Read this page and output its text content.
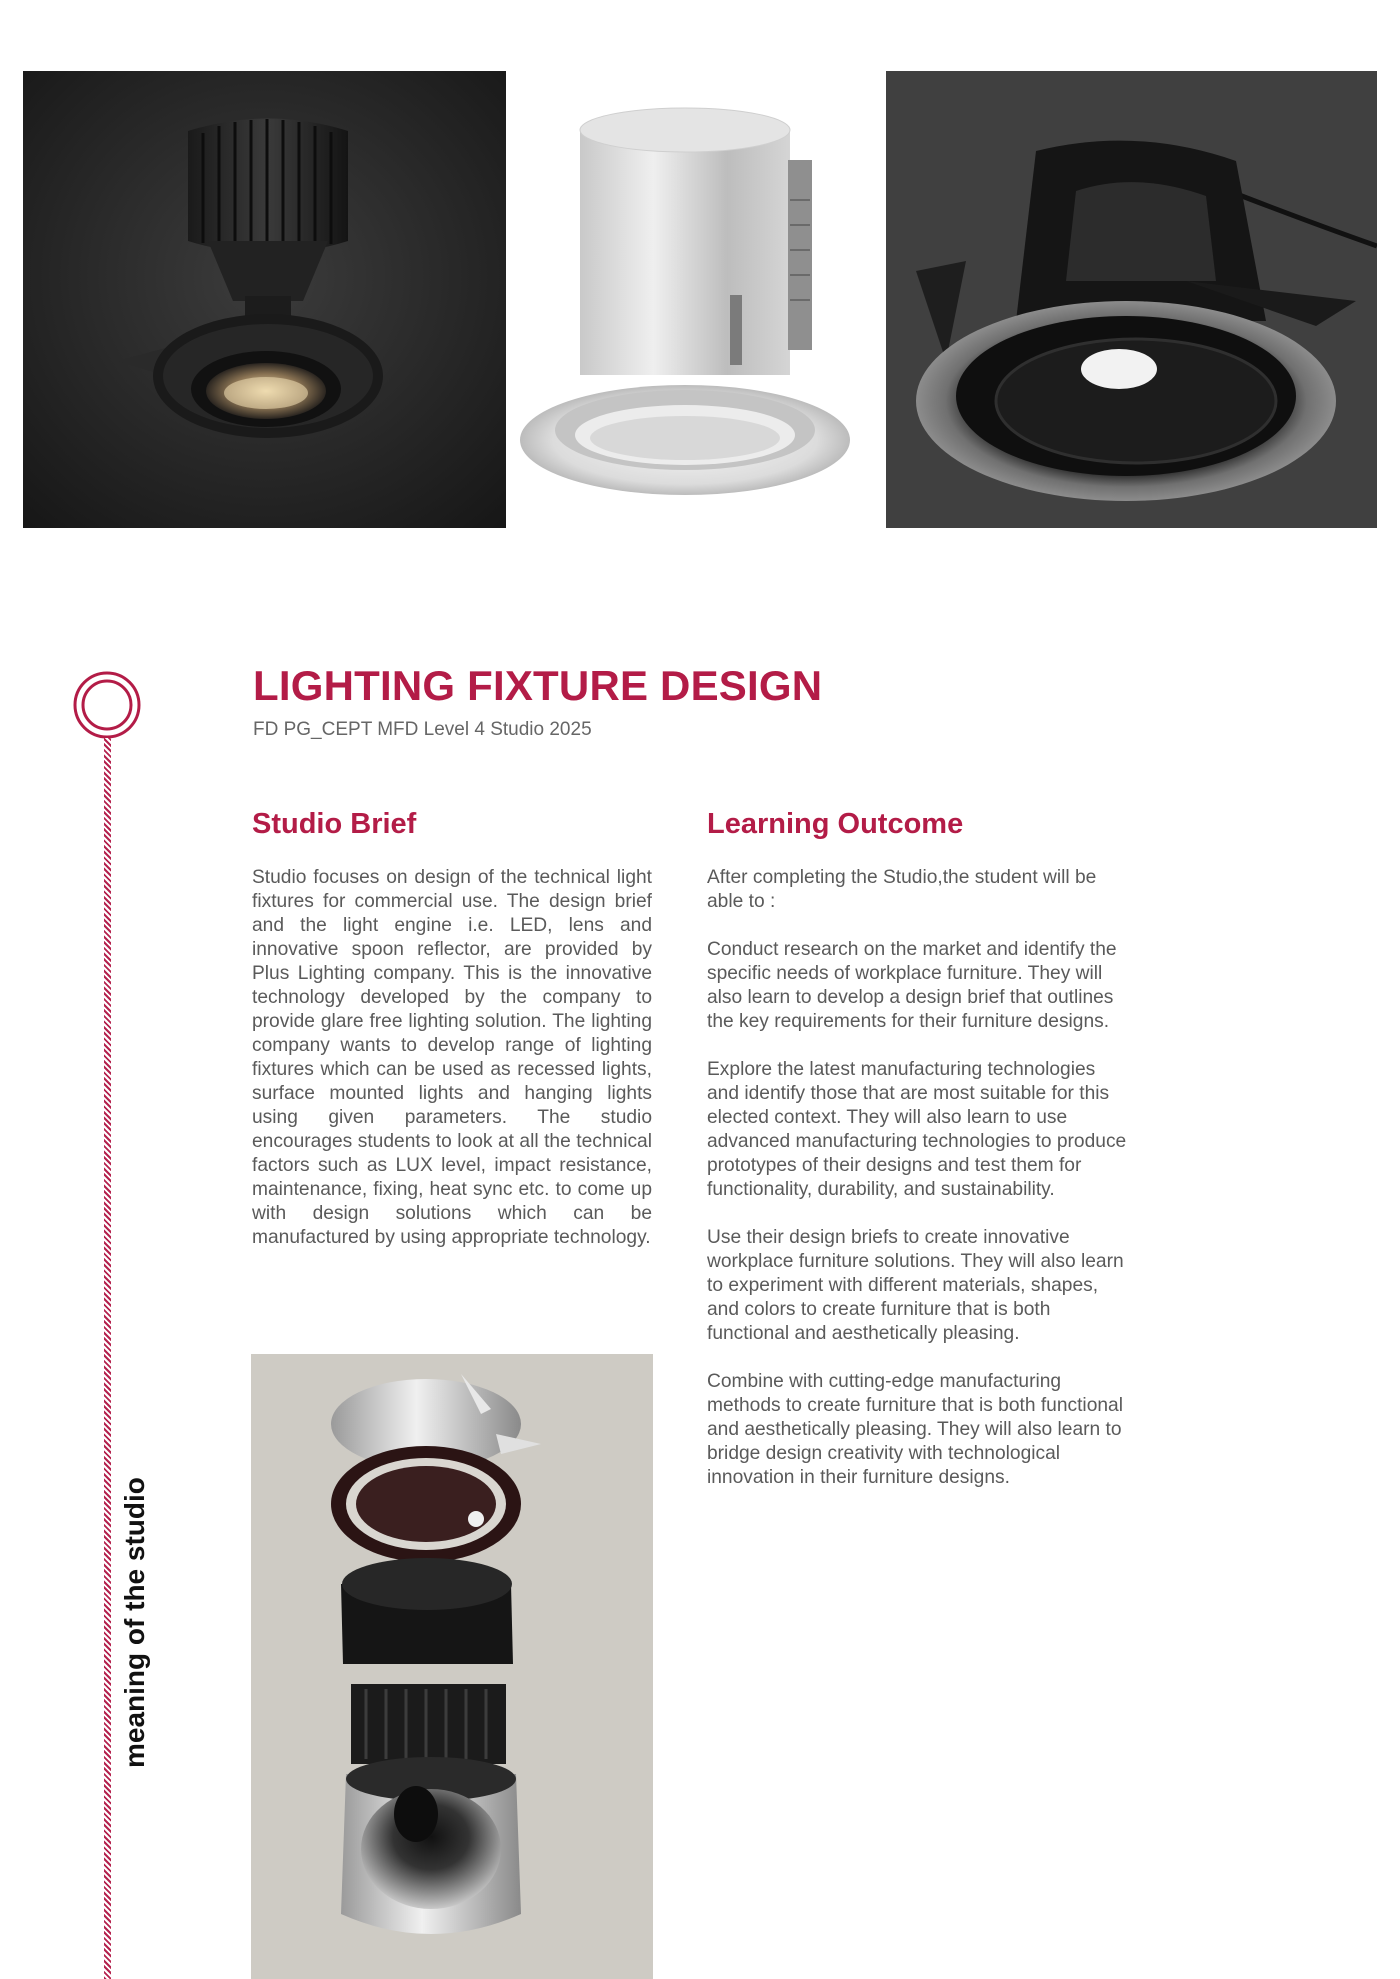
meaning of the studio
LIGHTING FIXTURE DESIGN
FD PG_CEPT MFD Level 4 Studio 2025
Studio Brief

Studio focuses on design of the technical light fixtures for commercial use. The design brief and the light engine i.e. LED, lens and innovative spoon reflector, are provided by Plus Lighting company. This is the innovative technology developed by the company to provide glare free lighting solution. The lighting company wants to develop range of lighting fixtures which can be used as recessed lights, surface mounted lights and hanging lights using given parameters. The studio encourages students to look at all the technical factors such as LUX level, impact resistance, maintenance, fixing, heat sync etc. to come up with design solutions which can be manufactured by using appropriate technology.

Learning Outcome

After completing the Studio,the student will be able to :

Conduct research on the market and identify the specific needs of workplace furniture. They will also learn to develop a design brief that outlines the key requirements for their furniture designs.

Explore the latest manufacturing technologies and identify those that are most suitable for this elected context. They will also learn to use advanced manufacturing technologies to produce prototypes of their designs and test them for functionality, durability, and sustainability.

Use their design briefs to create innovative workplace furniture solutions. They will also learn to experiment with different materials, shapes, and colors to create furniture that is both functional and aesthetically pleasing.

Combine with cutting-edge manufacturing methods to create furniture that is both functional and aesthetically pleasing. They will also learn to bridge design creativity with technological innovation in their furniture designs.
